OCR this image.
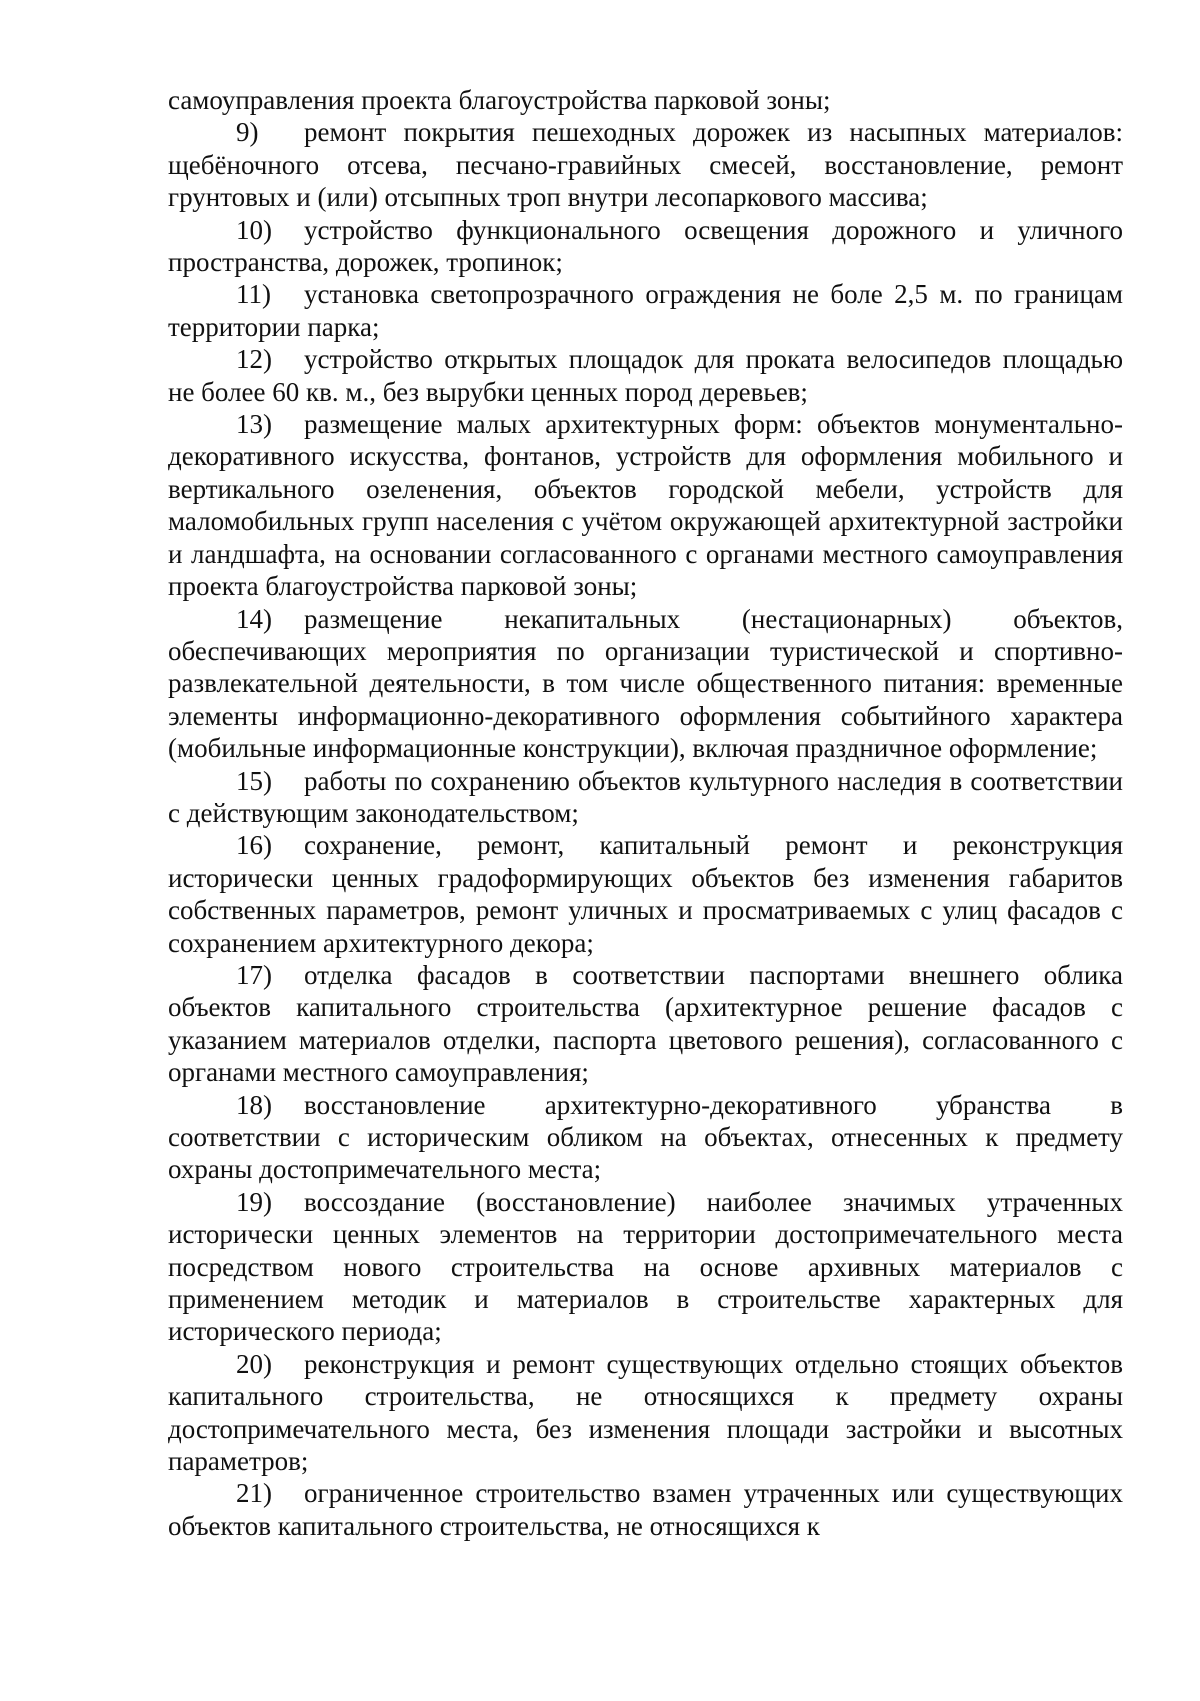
самоуправления проекта благоустройства парковой зоны;

9) ремонт покрытия пешеходных дорожек из насыпных материалов: щебёночного отсева, песчано-гравийных смесей, восстановление, ремонт грунтовых и (или) отсыпных троп внутри лесопаркового массива;

10) устройство функционального освещения дорожного и уличного пространства, дорожек, тропинок;

11) установка светопрозрачного ограждения не боле 2,5 м. по границам территории парка;

12) устройство открытых площадок для проката велосипедов площадью не более 60 кв. м., без вырубки ценных пород деревьев;

13) размещение малых архитектурных форм: объектов монументально-декоративного искусства, фонтанов, устройств для оформления мобильного и вертикального озеленения, объектов городской мебели, устройств для маломобильных групп населения с учётом окружающей архитектурной застройки и ландшафта, на основании согласованного с органами местного самоуправления проекта благоустройства парковой зоны;

14) размещение некапитальных (нестационарных) объектов, обеспечивающих мероприятия по организации туристической и спортивно-развлекательной деятельности, в том числе общественного питания: временные элементы информационно-декоративного оформления событийного характера (мобильные информационные конструкции), включая праздничное оформление;

15) работы по сохранению объектов культурного наследия в соответствии с действующим законодательством;

16) сохранение, ремонт, капитальный ремонт и реконструкция исторически ценных градоформирующих объектов без изменения габаритов собственных параметров, ремонт уличных и просматриваемых с улиц фасадов с сохранением архитектурного декора;

17) отделка фасадов в соответствии паспортами внешнего облика объектов капитального строительства (архитектурное решение фасадов с указанием материалов отделки, паспорта цветового решения), согласованного с органами местного самоуправления;

18) восстановление архитектурно-декоративного убранства в соответствии с историческим обликом на объектах, отнесенных к предмету охраны достопримечательного места;

19) воссоздание (восстановление) наиболее значимых утраченных исторически ценных элементов на территории достопримечательного места посредством нового строительства на основе архивных материалов с применением методик и материалов в строительстве характерных для исторического периода;

20) реконструкция и ремонт существующих отдельно стоящих объектов капитального строительства, не относящихся к предмету охраны достопримечательного места, без изменения площади застройки и высотных параметров;

21) ограниченное строительство взамен утраченных или существующих объектов капитального строительства, не относящихся к
